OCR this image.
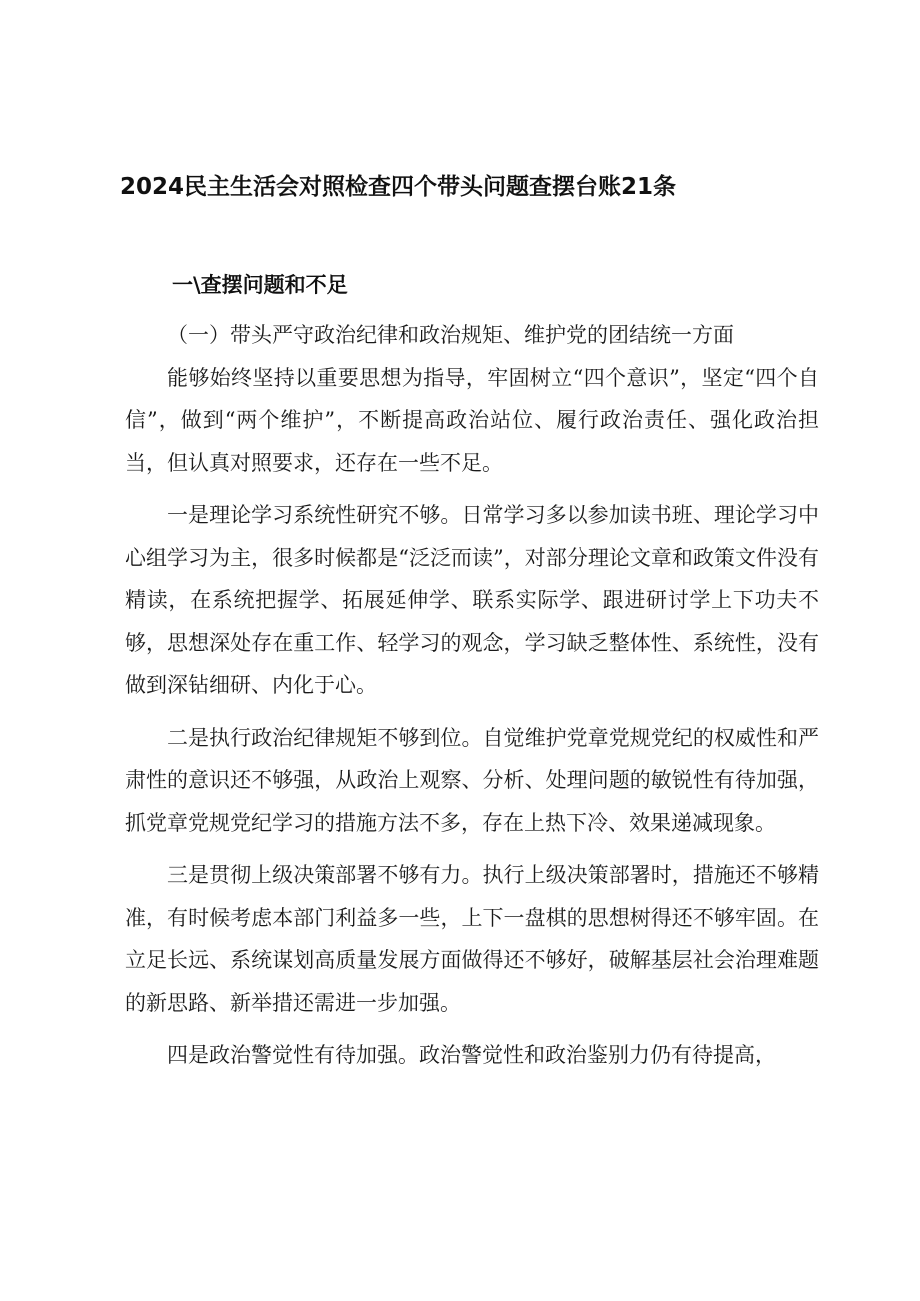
2024民主生活会对照检查四个带头问题查摆台账21条
一\查摆问题和不足

（一）带头严守政治纪律和政治规矩、维护党的团结统一方面

能够始终坚持以重要思想为指导，牢固树立“四个意识”，坚定“四个自信”，做到“两个维护”，不断提高政治站位、履行政治责任、强化政治担当，但认真对照要求，还存在一些不足。

一是理论学习系统性研究不够。日常学习多以参加读书班、理论学习中心组学习为主，很多时候都是“泛泛而读”，对部分理论文章和政策文件没有精读，在系统把握学、拓展延伸学、联系实际学、跟进研讨学上下功夫不够，思想深处存在重工作、轻学习的观念，学习缺乏整体性、系统性，没有做到深钻细研、内化于心。

二是执行政治纪律规矩不够到位。自觉维护党章党规党纪的权威性和严肃性的意识还不够强，从政治上观察、分析、处理问题的敏锐性有待加强，抓党章党规党纪学习的措施方法不多，存在上热下冷、效果递减现象。

三是贯彻上级决策部署不够有力。执行上级决策部署时，措施还不够精准，有时候考虑本部门利益多一些，上下一盘棋的思想树得还不够牢固。在立足长远、系统谋划高质量发展方面做得还不够好，破解基层社会治理难题的新思路、新举措还需进一步加强。

四是政治警觉性有待加强。政治警觉性和政治鉴别力仍有待提高，
